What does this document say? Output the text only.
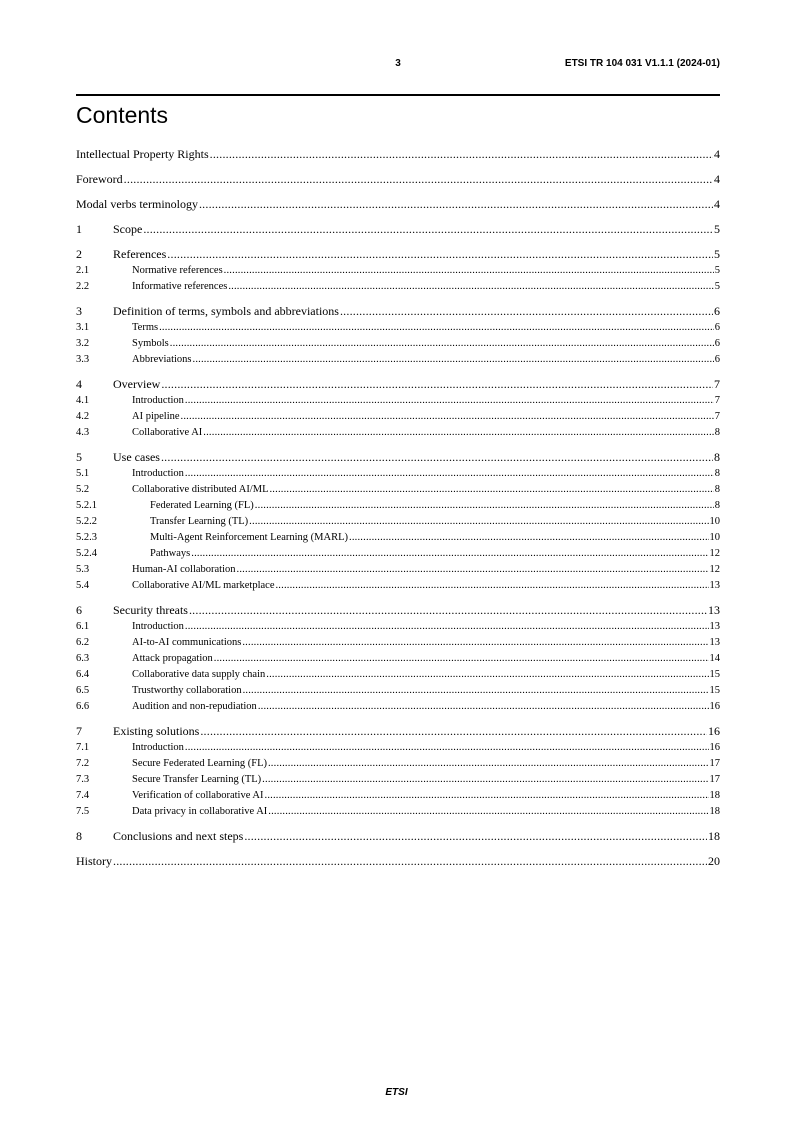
3	ETSI TR 104 031 V1.1.1 (2024-01)
Contents
Intellectual Property Rights .....	4
Foreword .....	4
Modal verbs terminology .....	4
1	Scope .....	5
2	References .....	5
2.1	Normative references .....	5
2.2	Informative references .....	5
3	Definition of terms, symbols and abbreviations .....	6
3.1	Terms .....	6
3.2	Symbols .....	6
3.3	Abbreviations .....	6
4	Overview .....	7
4.1	Introduction .....	7
4.2	AI pipeline .....	7
4.3	Collaborative AI .....	8
5	Use cases .....	8
5.1	Introduction .....	8
5.2	Collaborative distributed AI/ML .....	8
5.2.1	Federated Learning (FL) .....	8
5.2.2	Transfer Learning (TL) .....	10
5.2.3	Multi-Agent Reinforcement Learning (MARL) .....	10
5.2.4	Pathways .....	12
5.3	Human-AI collaboration .....	12
5.4	Collaborative AI/ML marketplace .....	13
6	Security threats .....	13
6.1	Introduction .....	13
6.2	AI-to-AI communications .....	13
6.3	Attack propagation .....	14
6.4	Collaborative data supply chain .....	15
6.5	Trustworthy collaboration .....	15
6.6	Audition and non-repudiation .....	16
7	Existing solutions .....	16
7.1	Introduction .....	16
7.2	Secure Federated Learning (FL) .....	17
7.3	Secure Transfer Learning (TL) .....	17
7.4	Verification of collaborative AI .....	18
7.5	Data privacy in collaborative AI .....	18
8	Conclusions and next steps .....	18
History .....	20
ETSI
